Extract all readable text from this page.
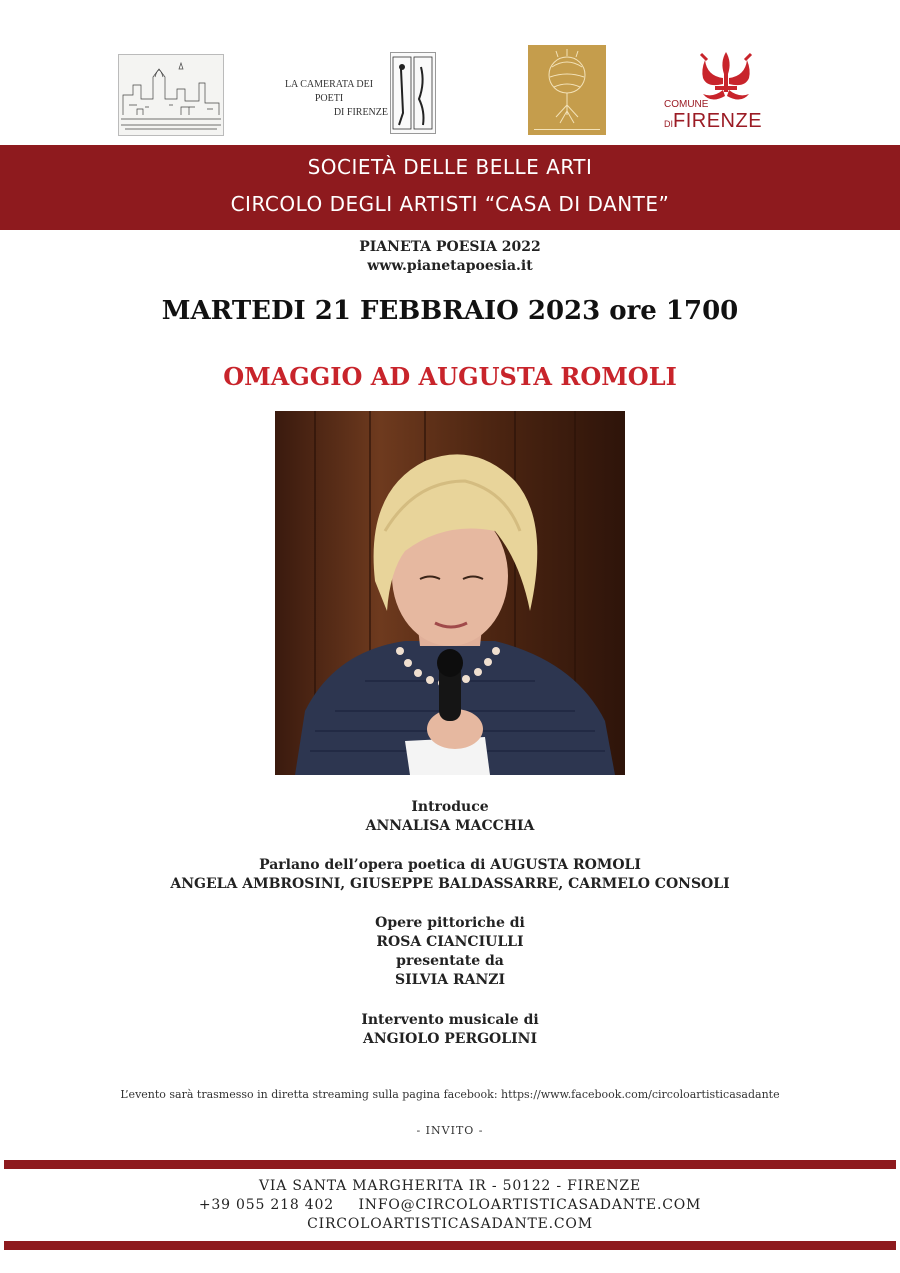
LA CAMERATA DEI POETI
DI FIRENZE
COMUNE
DIFIRENZE
SOCIETÀ DELLE BELLE ARTI
CIRCOLO DEGLI ARTISTI “CASA DI DANTE”
PIANETA POESIA 2022
www.pianetapoesia.it
MARTEDI 21 FEBBRAIO 2023 ore 1700
OMAGGIO AD AUGUSTA ROMOLI
Introduce
ANNALISA MACCHIA
Parlano dell’opera poetica di AUGUSTA ROMOLI
ANGELA AMBROSINI, GIUSEPPE BALDASSARRE, CARMELO CONSOLI
Opere pittoriche di
ROSA CIANCIULLI
presentate da
SILVIA RANZI
Intervento musicale di
ANGIOLO PERGOLINI
L’evento sarà trasmesso in diretta streaming sulla pagina facebook: https://www.facebook.com/circoloartisticasadante
- INVITO -
VIA SANTA MARGHERITA IR - 50122 - FIRENZE
+39 055 218 402 INFO@CIRCOLOARTISTICASADANTE.COM
CIRCOLOARTISTICASADANTE.COM
